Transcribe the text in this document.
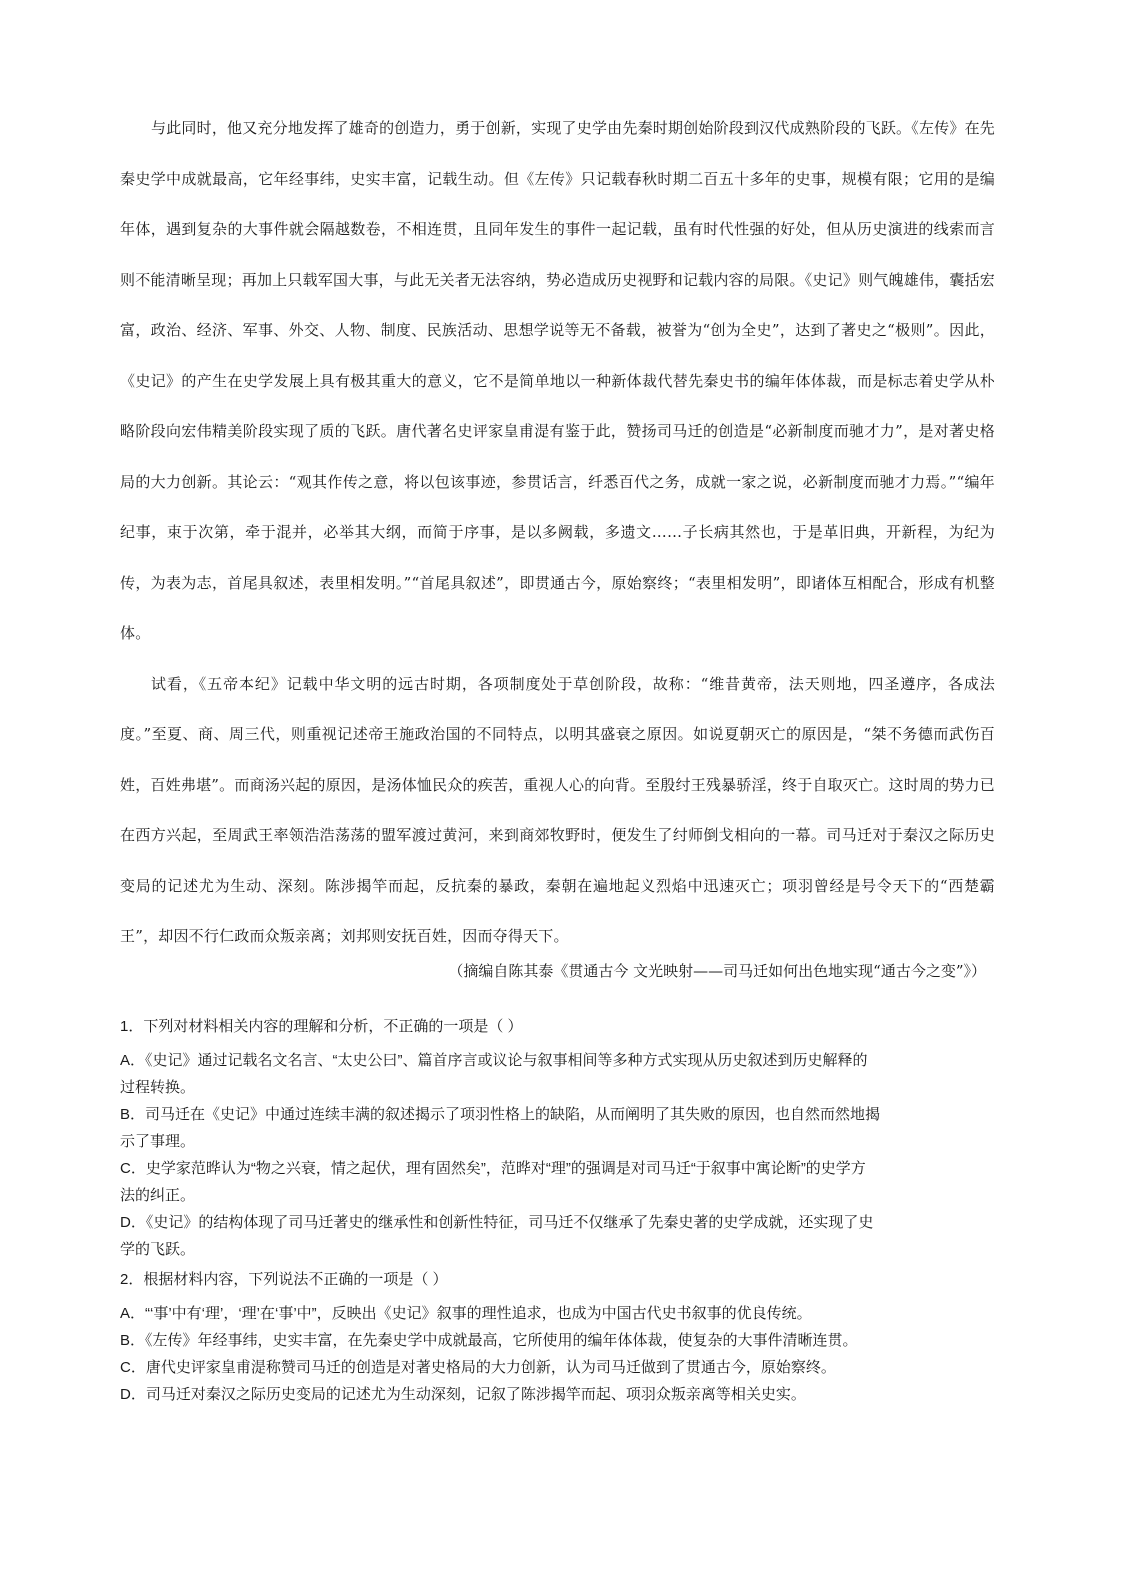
与此同时，他又充分地发挥了雄奇的创造力，勇于创新，实现了史学由先秦时期创始阶段到汉代成熟阶段的飞跃。《左传》在先秦史学中成就最高，它年经事纬，史实丰富，记载生动。但《左传》只记载春秋时期二百五十多年的史事，规模有限；它用的是编年体，遇到复杂的大事件就会隔越数卷，不相连贯，且同年发生的事件一起记载，虽有时代性强的好处，但从历史演进的线索而言则不能清晰呈现；再加上只载军国大事，与此无关者无法容纳，势必造成历史视野和记载内容的局限。《史记》则气魄雄伟，囊括宏富，政治、经济、军事、外交、人物、制度、民族活动、思想学说等无不备载，被誉为“创为全史”，达到了著史之“极则”。因此，《史记》的产生在史学发展上具有极其重大的意义，它不是简单地以一种新体裁代替先秦史书的编年体体裁，而是标志着史学从朴略阶段向宏伟精美阶段实现了质的飞跃。唐代著名史评家皇甫湜有鉴于此，赞扬司马迁的创造是“必新制度而驰才力”，是对著史格局的大力创新。其论云：“观其作传之意，将以包该事迹，参贯话言，纤悉百代之务，成就一家之说，必新制度而驰才力焉。”“编年纪事，束于次第，牵于混并，必举其大纲，而简于序事，是以多阙载，多遗文……子长病其然也，于是革旧典，开新程，为纪为传，为表为志，首尾具叙述，表里相发明。”“首尾具叙述”，即贯通古今，原始察终；“表里相发明”，即诸体互相配合，形成有机整体。

试看，《五帝本纪》记载中华文明的远古时期，各项制度处于草创阶段，故称：“维昔黄帝，法天则地，四圣遵序，各成法度。”至夏、商、周三代，则重视记述帝王施政治国的不同特点，以明其盛衰之原因。如说夏朝灭亡的原因是，“桀不务德而武伤百姓，百姓弗堪”。而商汤兴起的原因，是汤体恤民众的疾苦，重视人心的向背。至殷纣王残暴骄淫，终于自取灭亡。这时周的势力已在西方兴起，至周武王率领浩浩荡荡的盟军渡过黄河，来到商郊牧野时，便发生了纣师倒戈相向的一幕。司马迁对于秦汉之际历史变局的记述尤为生动、深刻。陈涉揭竿而起，反抗秦的暴政，秦朝在遍地起义烈焰中迅速灭亡；项羽曾经是号令天下的“西楚霸王”，却因不行仁政而众叛亲离；刘邦则安抚百姓，因而夺得天下。

（摘编自陈其泰《贯通古今 文光映射——司马迁如何出色地实现“通古今之变”》）

1．下列对材料相关内容的理解和分析，不正确的一项是（ ）

A．《史记》通过记载名文名言、“太史公曰”、篇首序言或议论与叙事相间等多种方式实现从历史叙述到历史解释的过程转换。

B．司马迁在《史记》中通过连续丰满的叙述揭示了项羽性格上的缺陷，从而阐明了其失败的原因，也自然而然地揭示了事理。

C．史学家范晔认为“物之兴衰，情之起伏，理有固然矣”，范晔对“理”的强调是对司马迁“于叙事中寓论断”的史学方法的纠正。

D．《史记》的结构体现了司马迁著史的继承性和创新性特征，司马迁不仅继承了先秦史著的史学成就，还实现了史学的飞跃。

2．根据材料内容，下列说法不正确的一项是（ ）

A．“‘事’中有‘理’，‘理’在‘事’中”，反映出《史记》叙事的理性追求，也成为中国古代史书叙事的优良传统。

B．《左传》年经事纬，史实丰富，在先秦史学中成就最高，它所使用的编年体体裁，使复杂的大事件清晰连贯。

C．唐代史评家皇甫湜称赞司马迁的创造是对著史格局的大力创新，认为司马迁做到了贯通古今，原始察终。

D．司马迁对秦汉之际历史变局的记述尤为生动深刻，记叙了陈涉揭竿而起、项羽众叛亲离等相关史实。
